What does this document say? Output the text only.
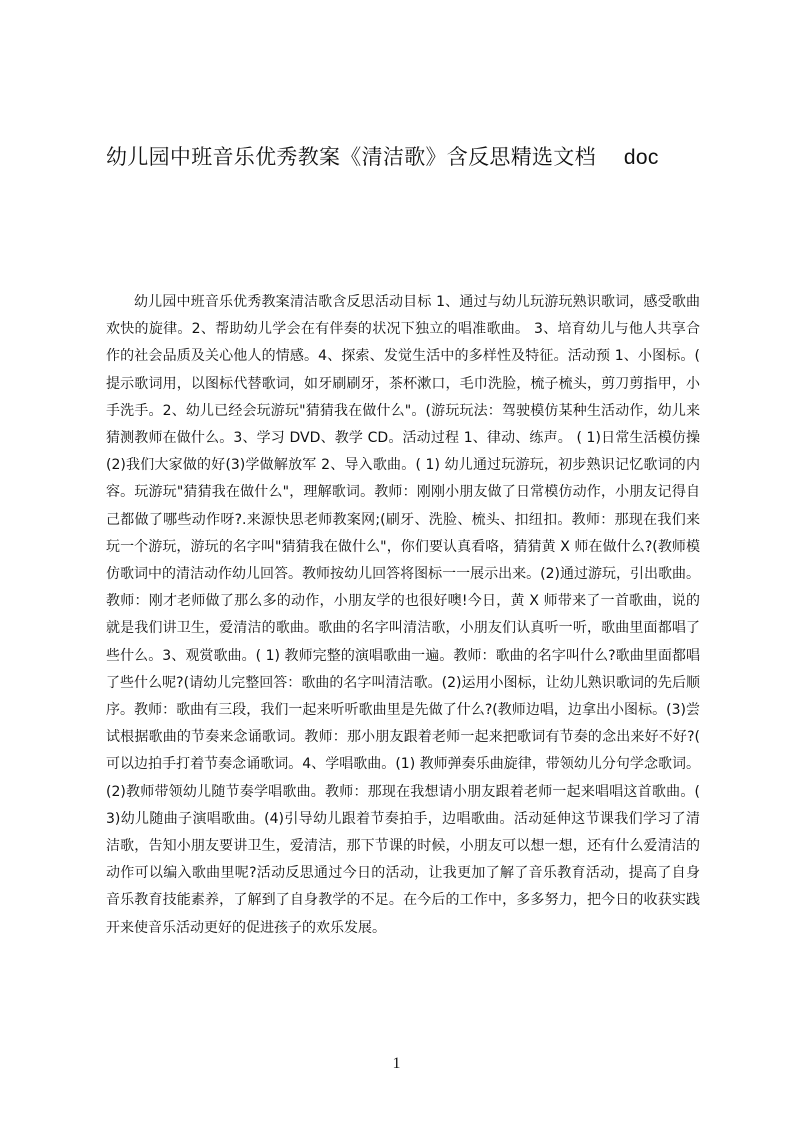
幼儿园中班音乐优秀教案《清洁歌》含反思精选文档 doc
幼儿园中班音乐优秀教案清洁歌含反思活动目标 1、通过与幼儿玩游玩熟识歌词，感受歌曲欢快的旋律。2、帮助幼儿学会在有伴奏的状况下独立的唱准歌曲。 3、培育幼儿与他人共享合作的社会品质及关心他人的情感。4、探索、发觉生活中的多样性及特征。活动预 1、小图标。(提示歌词用，以图标代替歌词，如牙刷刷牙，茶杯漱口，毛巾洗脸，梳子梳头，剪刀剪指甲，小手洗手。2、幼儿已经会玩游玩"猜猜我在做什么"。(游玩玩法：驾驶模仿某种生活动作，幼儿来猜测教师在做什么。3、学习 DVD、教学 CD。活动过程 1、律动、练声。 ( 1)日常生活模仿操 (2)我们大家做的好(3)学做解放军 2、导入歌曲。( 1) 幼儿通过玩游玩，初步熟识记忆歌词的内容。玩游玩"猜猜我在做什么"，理解歌词。教师：刚刚小朋友做了日常模仿动作，小朋友记得自己都做了哪些动作呀?.来源快思老师教案网;(刷牙、洗脸、梳头、扣纽扣。教师：那现在我们来玩一个游玩，游玩的名字叫"猜猜我在做什么"，你们要认真看咯，猜猜黄 X 师在做什么?(教师模仿歌词中的清洁动作幼儿回答。教师按幼儿回答将图标一一展示出来。(2)通过游玩，引出歌曲。教师：刚才老师做了那么多的动作，小朋友学的也很好噢!今日，黄 X 师带来了一首歌曲，说的就是我们讲卫生，爱清洁的歌曲。歌曲的名字叫清洁歌，小朋友们认真听一听，歌曲里面都唱了些什么。3、观赏歌曲。( 1) 教师完整的演唱歌曲一遍。教师：歌曲的名字叫什么?歌曲里面都唱了些什么呢?(请幼儿完整回答：歌曲的名字叫清洁歌。(2)运用小图标，让幼儿熟识歌词的先后顺序。教师：歌曲有三段，我们一起来听听歌曲里是先做了什么?(教师边唱，边拿出小图标。(3)尝试根据歌曲的节奏来念诵歌词。教师：那小朋友跟着老师一起来把歌词有节奏的念出来好不好?(可以边拍手打着节奏念诵歌词。4、学唱歌曲。(1) 教师弹奏乐曲旋律，带领幼儿分句学念歌词。(2)教师带领幼儿随节奏学唱歌曲。教师：那现在我想请小朋友跟着老师一起来唱唱这首歌曲。(3)幼儿随曲子演唱歌曲。(4)引导幼儿跟着节奏拍手，边唱歌曲。活动延伸这节课我们学习了清洁歌，告知小朋友要讲卫生，爱清洁，那下节课的时候，小朋友可以想一想，还有什么爱清洁的动作可以编入歌曲里呢?活动反思通过今日的活动，让我更加了解了音乐教育活动，提高了自身音乐教育技能素养，了解到了自身教学的不足。在今后的工作中，多多努力，把今日的收获实践开来使音乐活动更好的促进孩子的欢乐发展。
1
